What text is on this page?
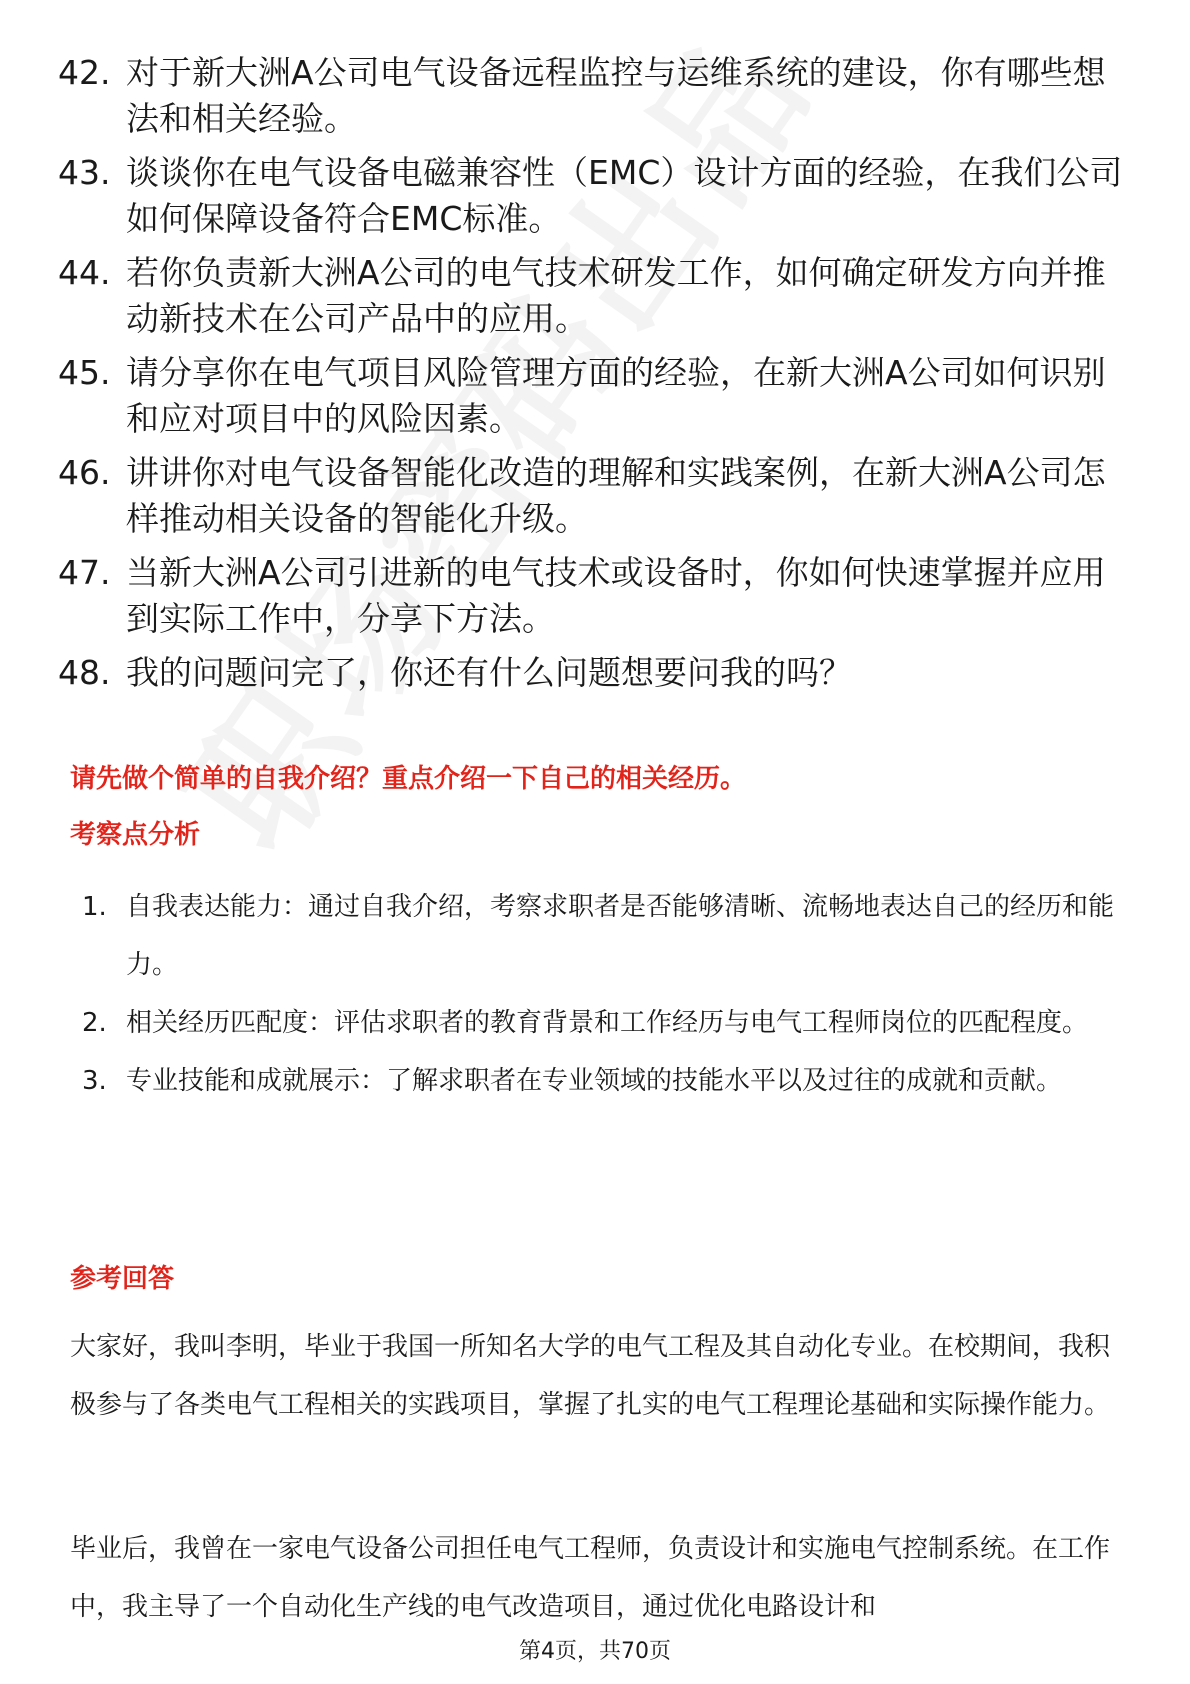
42. 对于新大洲A公司电气设备远程监控与运维系统的建设，你有哪些想法和相关经验。
43. 谈谈你在电气设备电磁兼容性（EMC）设计方面的经验，在我们公司如何保障设备符合EMC标准。
44. 若你负责新大洲A公司的电气技术研发工作，如何确定研发方向并推动新技术在公司产品中的应用。
45. 请分享你在电气项目风险管理方面的经验，在新大洲A公司如何识别和应对项目中的风险因素。
46. 讲讲你对电气设备智能化改造的理解和实践案例，在新大洲A公司怎样推动相关设备的智能化升级。
47. 当新大洲A公司引进新的电气技术或设备时，你如何快速掌握并应用到实际工作中，分享下方法。
48. 我的问题问完了，你还有什么问题想要问我的吗？
请先做个简单的自我介绍？重点介绍一下自己的相关经历。
考察点分析
1. 自我表达能力：通过自我介绍，考察求职者是否能够清晰、流畅地表达自己的经历和能力。
2. 相关经历匹配度：评估求职者的教育背景和工作经历与电气工程师岗位的匹配程度。
3. 专业技能和成就展示：了解求职者在专业领域的技能水平以及过往的成就和贡献。
参考回答
大家好，我叫李明，毕业于我国一所知名大学的电气工程及其自动化专业。在校期间，我积极参与了各类电气工程相关的实践项目，掌握了扎实的电气工程理论基础和实际操作能力。
毕业后，我曾在一家电气设备公司担任电气工程师，负责设计和实施电气控制系统。在工作中，我主导了一个自动化生产线的电气改造项目，通过优化电路设计和
第4页，共70页
